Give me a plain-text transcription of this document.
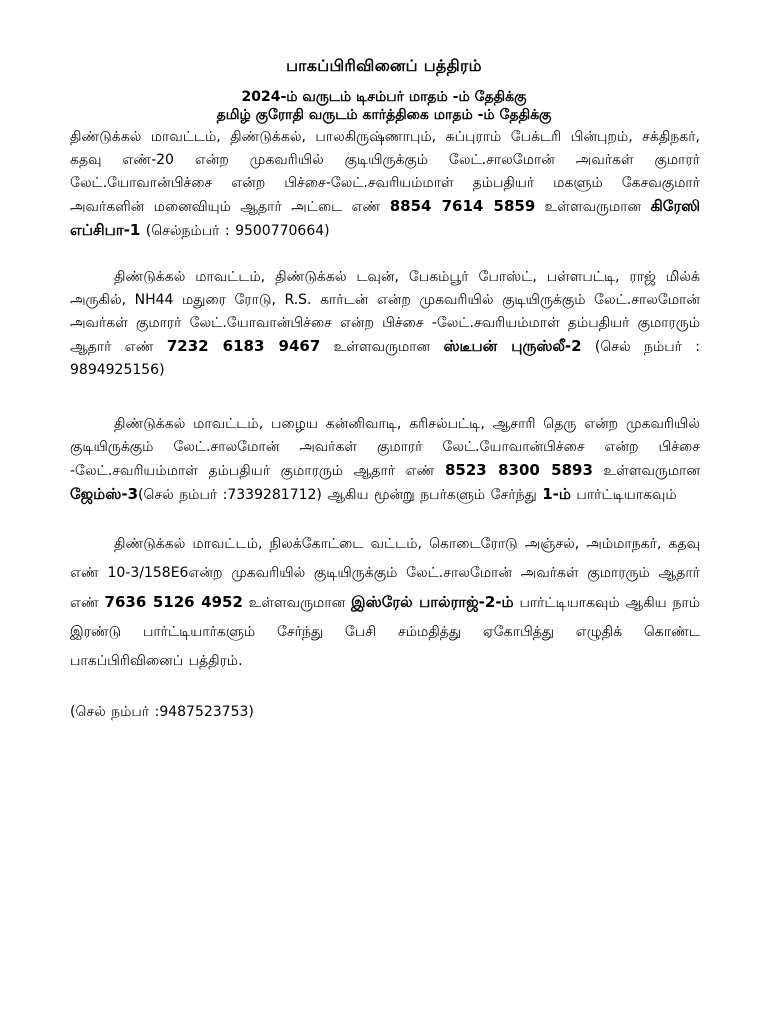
பாகப்பிரிவினைப் பத்திரம்
2024-ம் வருடம் டிசம்பர் மாதம் -ம் தேதிக்கு
தமிழ் குரோதி வருடம் கார்த்திகை மாதம் -ம் தேதிக்கு
திண்டுக்கல் மாவட்டம், திண்டுக்கல், பாலகிருஷ்ணாபும், சுப்புராம் பேக்டரி பின்புறம், சக்திநகர், கதவு எண்-20 என்ற முகவரியில் குடியிருக்கும் லேட்.சாலமோன் அவர்கள் குமாரர் லேட்.யோவான்பிச்சை என்ற பிச்சை-லேட்.சவரியம்மாள் தம்பதியர் மகளும் கேசவகுமார் அவர்களின் மனைவியும் ஆதார் அட்டை எண் 8854 7614 5859 உள்ளவருமான கிரேஸி எப்சிபா-1 (செல்நம்பர் : 9500770664)
திண்டுக்கல் மாவட்டம், திண்டுக்கல் டவுன், பேகம்பூர் போஸ்ட், பள்ளபட்டி, ராஜ் மில்க் அருகில், NH44 மதுரை ரோடு, R.S. கார்டன் என்ற முகவரியில் குடியிருக்கும் லேட்.சாலமோன் அவர்கள் குமாரர் லேட்.யோவான்பிச்சை என்ற பிச்சை -லேட்.சவரியம்மாள் தம்பதியர் குமாரரும் ஆதார் எண் 7232 6183 9467 உள்ளவருமான ஸ்டீபன் புருஸ்லீ-2 (செல் நம்பர் : 9894925156)
திண்டுக்கல் மாவட்டம், பழைய கன்னிவாடி, கரிசல்பட்டி, ஆசாரி தெரு என்ற முகவரியில் குடியிருக்கும் லேட்.சாலமோன் அவர்கள் குமாரர் லேட்.யோவான்பிச்சை என்ற பிச்சை -லேட்.சவரியம்மாள் தம்பதியர் குமாரரும் ஆதார் எண் 8523 8300 5893 உள்ளவருமான ஜேம்ஸ்-3(செல் நம்பர் :7339281712) ஆகிய மூன்று நபர்களும் சேர்ந்து 1-ம் பார்ட்டியாகவும்
திண்டுக்கல் மாவட்டம், நிலக்கோட்டை வட்டம், கொடைரோடு அஞ்சல், அம்மாநகர், கதவு எண் 10-3/158E6என்ற முகவரியில் குடியிருக்கும் லேட்.சாலமோன் அவர்கள் குமாரரும் ஆதார் எண் 7636 5126 4952 உள்ளவருமான இஸ்ரேல் பால்ராஜ்-2-ம் பார்ட்டியாகவும் ஆகிய நாம் இரண்டு பார்ட்டியார்களும் சேர்ந்து பேசி சம்மதித்து ஏகோபித்து எழுதிக் கொண்ட பாகப்பிரிவினைப் பத்திரம்.
(செல் நம்பர் :9487523753)
